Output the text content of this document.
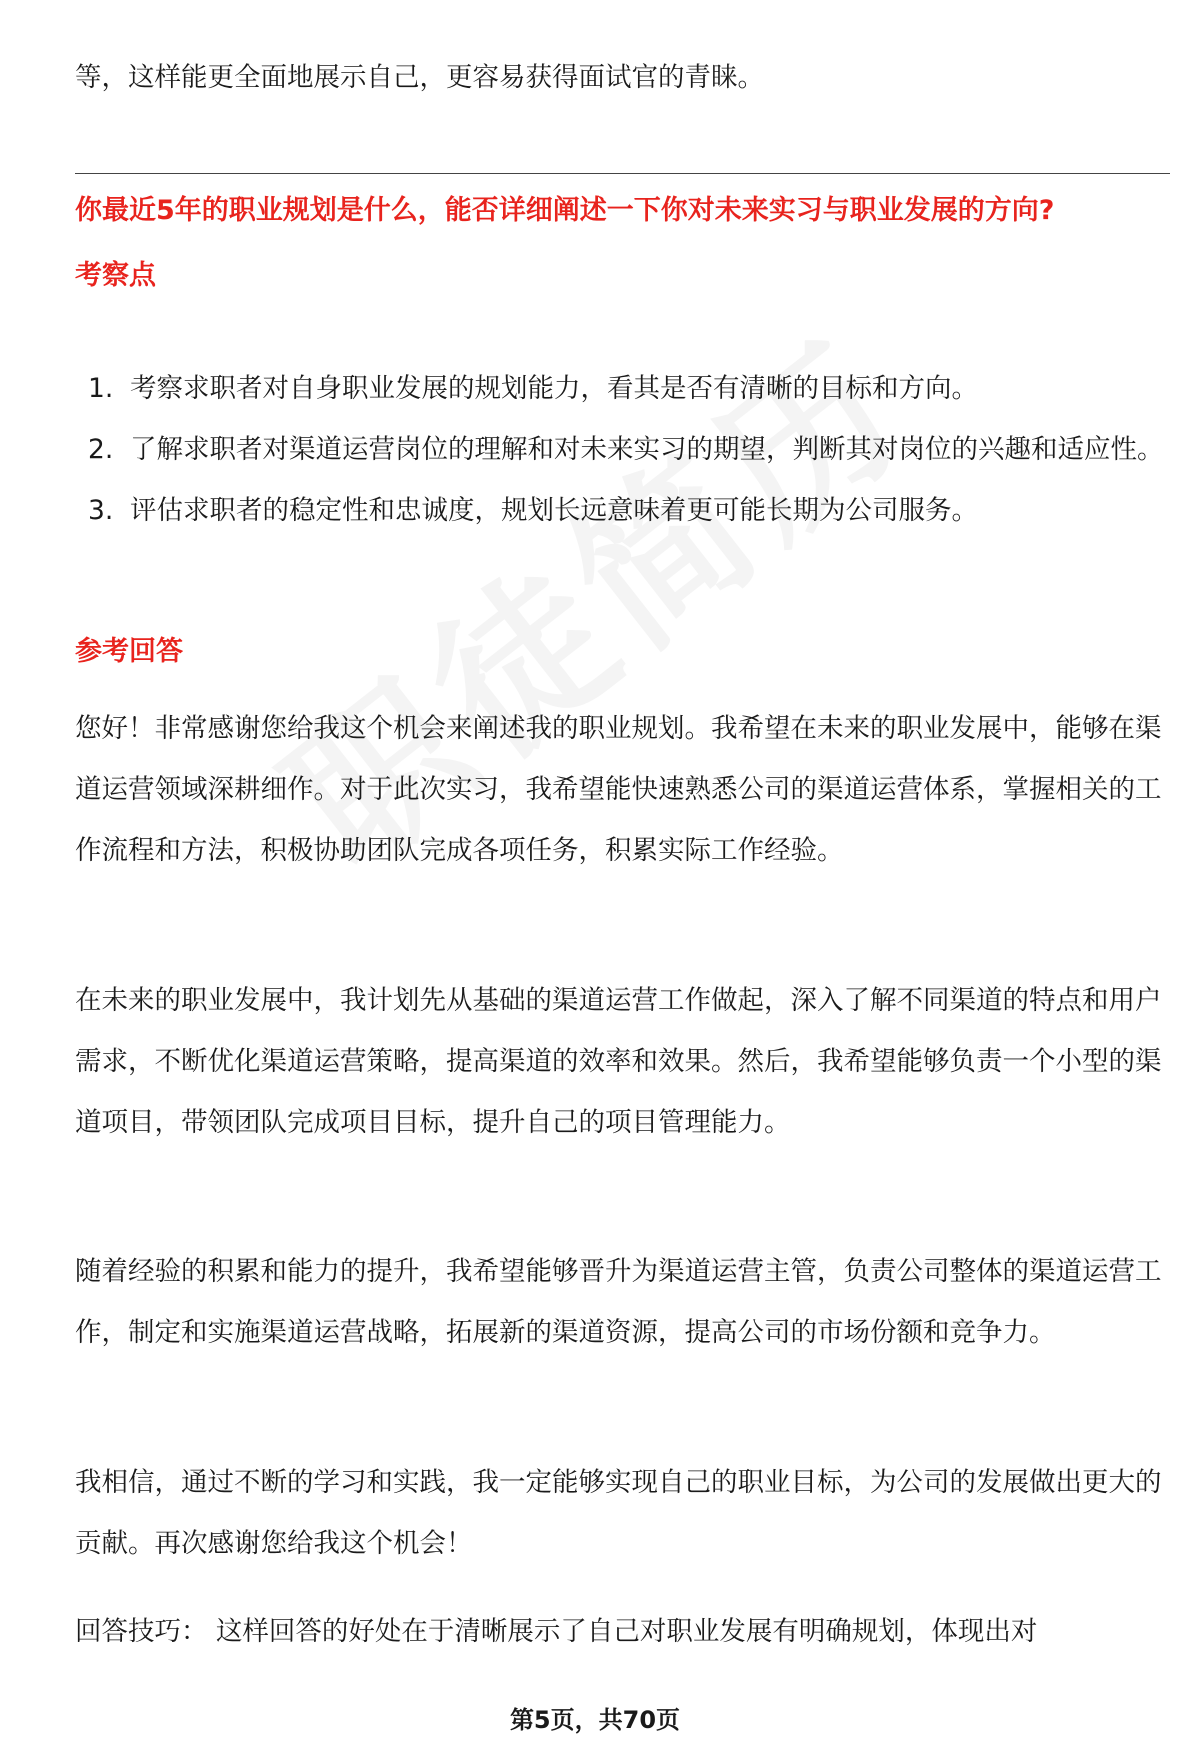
等，这样能更全面地展示自己，更容易获得面试官的青睐。

你最近5年的职业规划是什么，能否详细阐述一下你对未来实习与职业发展的方向?

考察点

1. 考察求职者对自身职业发展的规划能力，看其是否有清晰的目标和方向。
2. 了解求职者对渠道运营岗位的理解和对未来实习的期望，判断其对岗位的兴趣和适应性。
3. 评估求职者的稳定性和忠诚度，规划长远意味着更可能长期为公司服务。

参考回答

您好！非常感谢您给我这个机会来阐述我的职业规划。我希望在未来的职业发展中，能够在渠道运营领域深耕细作。对于此次实习，我希望能快速熟悉公司的渠道运营体系，掌握相关的工作流程和方法，积极协助团队完成各项任务，积累实际工作经验。

在未来的职业发展中，我计划先从基础的渠道运营工作做起，深入了解不同渠道的特点和用户需求，不断优化渠道运营策略，提高渠道的效率和效果。然后，我希望能够负责一个小型的渠道项目，带领团队完成项目目标，提升自己的项目管理能力。

随着经验的积累和能力的提升，我希望能够晋升为渠道运营主管，负责公司整体的渠道运营工作，制定和实施渠道运营战略，拓展新的渠道资源，提高公司的市场份额和竞争力。

我相信，通过不断的学习和实践，我一定能够实现自己的职业目标，为公司的发展做出更大的贡献。再次感谢您给我这个机会！

回答技巧： 这样回答的好处在于清晰展示了自己对职业发展有明确规划，体现出对

第5页，共70页
